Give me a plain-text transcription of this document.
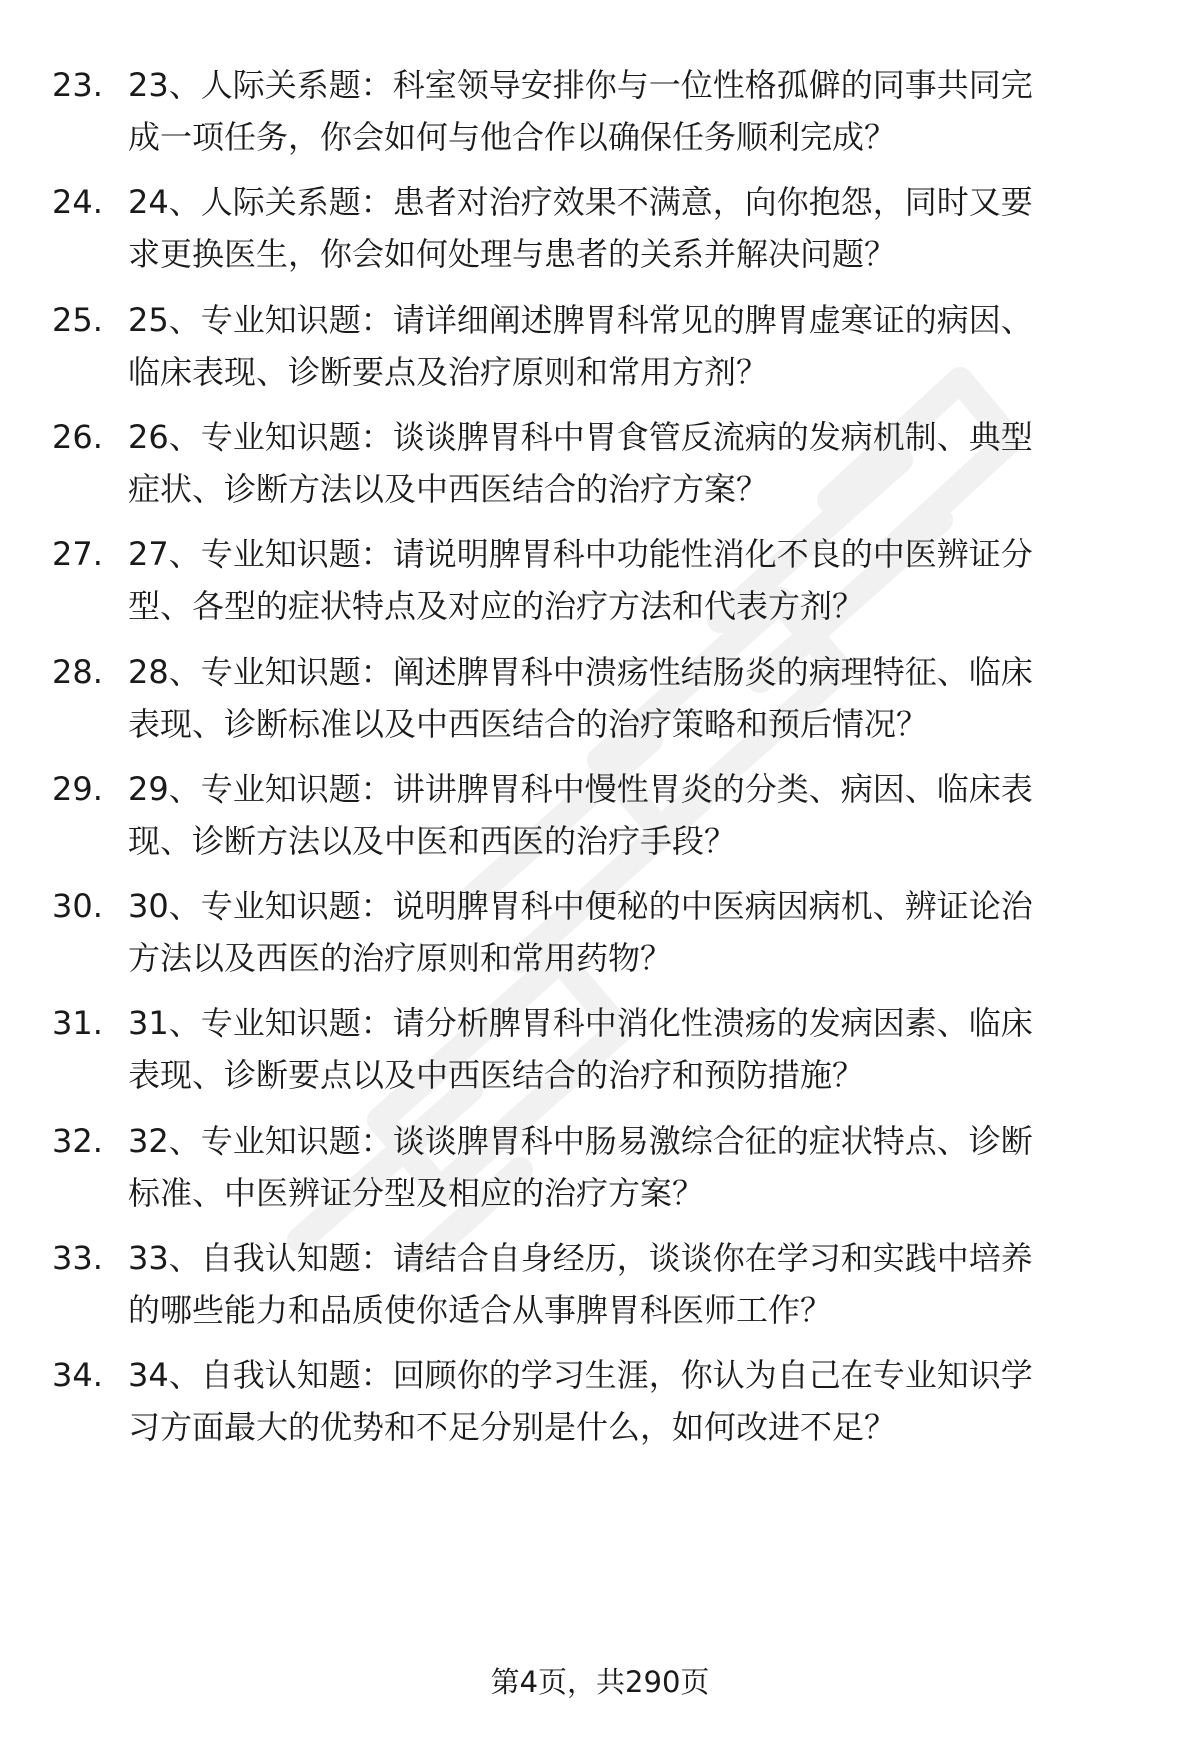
23. 23、人际关系题：科室领导安排你与一位性格孤僻的同事共同完
成一项任务，你会如何与他合作以确保任务顺利完成？
24. 24、人际关系题：患者对治疗效果不满意，向你抱怨，同时又要
求更换医生，你会如何处理与患者的关系并解决问题？
25. 25、专业知识题：请详细阐述脾胃科常见的脾胃虚寒证的病因、
临床表现、诊断要点及治疗原则和常用方剂？
26. 26、专业知识题：谈谈脾胃科中胃食管反流病的发病机制、典型
症状、诊断方法以及中西医结合的治疗方案？
27. 27、专业知识题：请说明脾胃科中功能性消化不良的中医辨证分
型、各型的症状特点及对应的治疗方法和代表方剂？
28. 28、专业知识题：阐述脾胃科中溃疡性结肠炎的病理特征、临床
表现、诊断标准以及中西医结合的治疗策略和预后情况？
29. 29、专业知识题：讲讲脾胃科中慢性胃炎的分类、病因、临床表
现、诊断方法以及中医和西医的治疗手段？
30. 30、专业知识题：说明脾胃科中便秘的中医病因病机、辨证论治
方法以及西医的治疗原则和常用药物？
31. 31、专业知识题：请分析脾胃科中消化性溃疡的发病因素、临床
表现、诊断要点以及中西医结合的治疗和预防措施？
32. 32、专业知识题：谈谈脾胃科中肠易激综合征的症状特点、诊断
标准、中医辨证分型及相应的治疗方案？
33. 33、自我认知题：请结合自身经历，谈谈你在学习和实践中培养
的哪些能力和品质使你适合从事脾胃科医师工作？
34. 34、自我认知题：回顾你的学习生涯，你认为自己在专业知识学
习方面最大的优势和不足分别是什么，如何改进不足？
第4页，共290页
